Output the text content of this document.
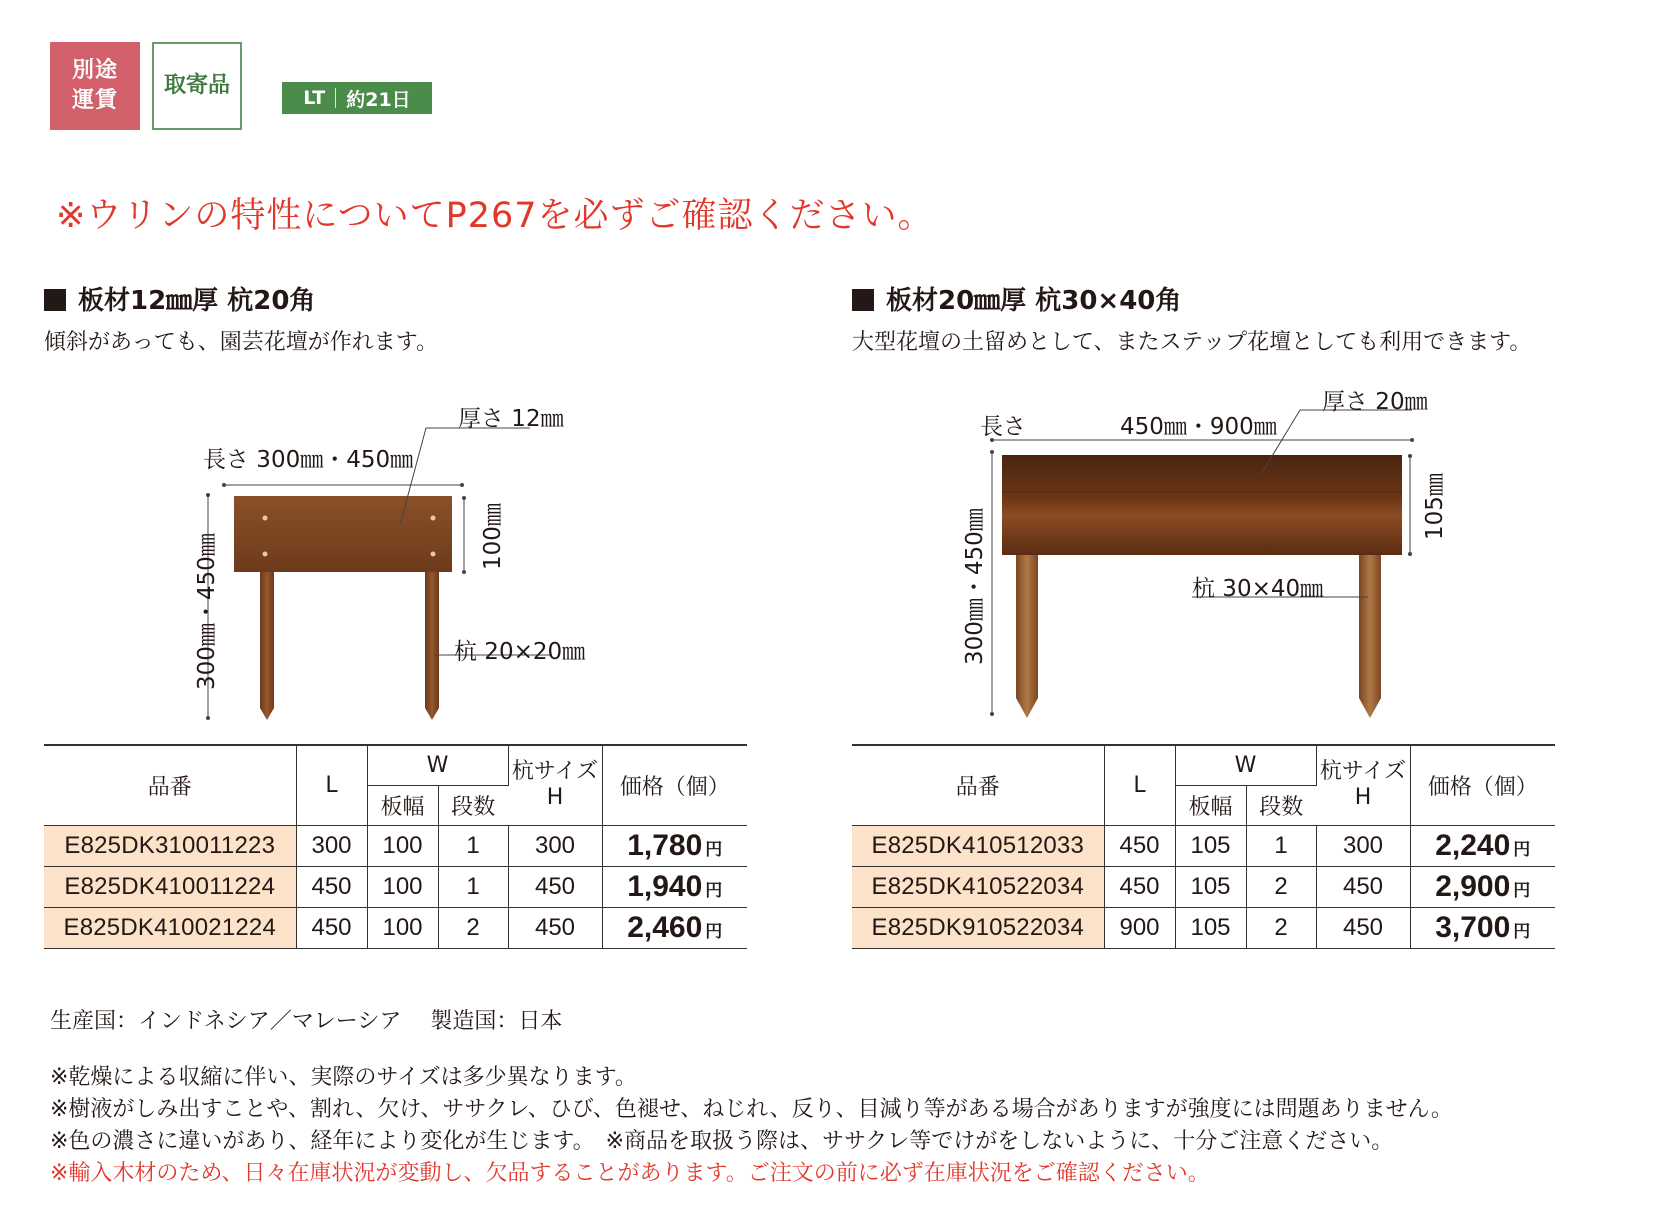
別途
運賃
取寄品	LT 約21日
※ウリンの特性についてP267を必ずご確認ください。
板材12㎜厚 杭20角
傾斜があっても、園芸花壇が作れます。
厚さ 12㎜
長さ 300㎜・450㎜
杭 20×20㎜
300㎜・450㎜	100㎜
品番	L	W		杭サイズ
H	価格（個）
		板幅	段数		
E825DK310011223	300	100	1	300	1,780 円
E825DK410011224	450	100	1	450	1,940 円
E825DK410021224	450	100	2	450	2,460 円
板材20㎜厚 杭30×40角
大型花壇の土留めとして、またステップ花壇としても利用できます。
厚さ 20㎜
長さ	450㎜・900㎜
杭 30×40㎜
300㎜・450㎜
105㎜
品番	L	W		杭サイズ
H	価格（個）
		板幅	段数		
E825DK410512033	450	105	1	300	2,240 円
E825DK410522034	450	105	2	450	2,900 円
E825DK910522034	900	105	2	450	3,700 円
生産国：インドネシア／マレーシア　 製造国：日本
※乾燥による収縮に伴い、実際のサイズは多少異なります。
※樹液がしみ出すことや、割れ、欠け、ササクレ、ひび、色褪せ、ねじれ、反り、目減り等がある場合がありますが強度には問題ありません。
※色の濃さに違いがあり、経年により変化が生じます。　※商品を取扱う際は、ササクレ等でけがをしないように、十分ご注意ください。
※輸入木材のため、日々在庫状況が変動し、欠品することがあります。ご注文の前に必ず在庫状況をご確認ください。
